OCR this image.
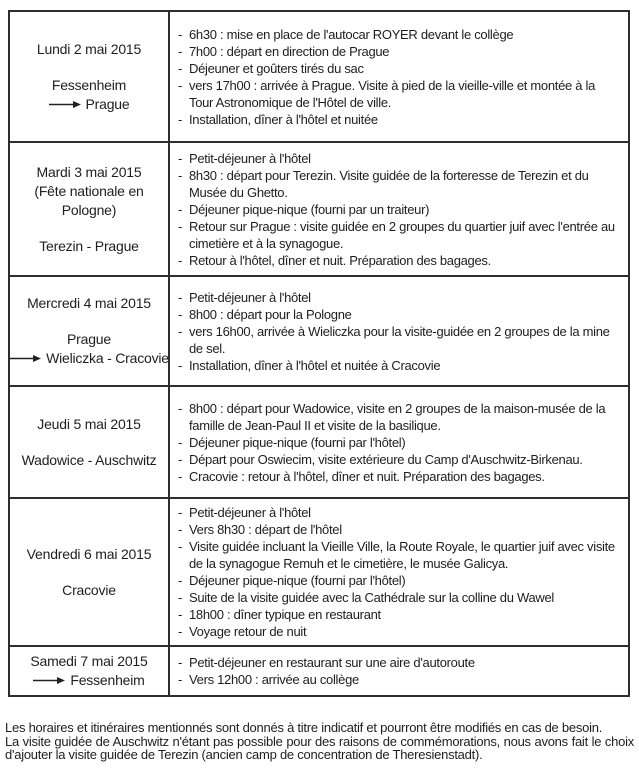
Lundi 2 mai 2015
Fessenheim
Prague

- 6h30 : mise en place de l'autocar ROYER devant le collège
- 7h00 : départ en direction de Prague
- Déjeuner et goûters tirés du sac
- vers 17h00 : arrivée à Prague. Visite à pied de la vieille-ville et montée à la Tour Astronomique de l'Hôtel de ville.
- Installation, dîner à l'hôtel et nuitée

Mardi 3 mai 2015
(Fête nationale en Pologne)
Terezin - Prague

- Petit-déjeuner à l'hôtel
- 8h30 : départ pour Terezin. Visite guidée de la forteresse de Terezin et du Musée du Ghetto.
- Déjeuner pique-nique (fourni par un traiteur)
- Retour sur Prague : visite guidée en 2 groupes du quartier juif avec l'entrée au cimetière et à la synagogue.
- Retour à l'hôtel, dîner et nuit. Préparation des bagages.

Mercredi 4 mai 2015
Prague
Wieliczka - Cracovie

- Petit-déjeuner à l'hôtel
- 8h00 : départ pour la Pologne
- vers 16h00, arrivée à Wieliczka pour la visite-guidée en 2 groupes de la mine de sel.
- Installation, dîner à l'hôtel et nuitée à Cracovie

Jeudi 5 mai 2015
Wadowice - Auschwitz

- 8h00 : départ pour Wadowice, visite en 2 groupes de la maison-musée de la famille de Jean-Paul II et visite de la basilique.
- Déjeuner pique-nique (fourni par l'hôtel)
- Départ pour Oswiecim, visite extérieure du Camp d'Auschwitz-Birkenau.
- Cracovie : retour à l'hôtel, dîner et nuit. Préparation des bagages.

Vendredi 6 mai 2015
Cracovie

- Petit-déjeuner à l'hôtel
- Vers 8h30 : départ de l'hôtel
- Visite guidée incluant la Vieille Ville, la Route Royale, le quartier juif avec visite de la synagogue Remuh et le cimetière, le musée Galicya.
- Déjeuner pique-nique (fourni par l'hôtel)
- Suite de la visite guidée avec la Cathédrale sur la colline du Wawel
- 18h00 : dîner typique en restaurant
- Voyage retour de nuit

Samedi 7 mai 2015
Fessenheim

- Petit-déjeuner en restaurant sur une aire d'autoroute
- Vers 12h00 : arrivée au collège

Les horaires et itinéraires mentionnés sont donnés à titre indicatif et pourront être modifiés en cas de besoin.

La visite guidée de Auschwitz n'étant pas possible pour des raisons de commémorations, nous avons fait le choix d'ajouter la visite guidée de Terezin (ancien camp de concentration de Theresienstadt).
